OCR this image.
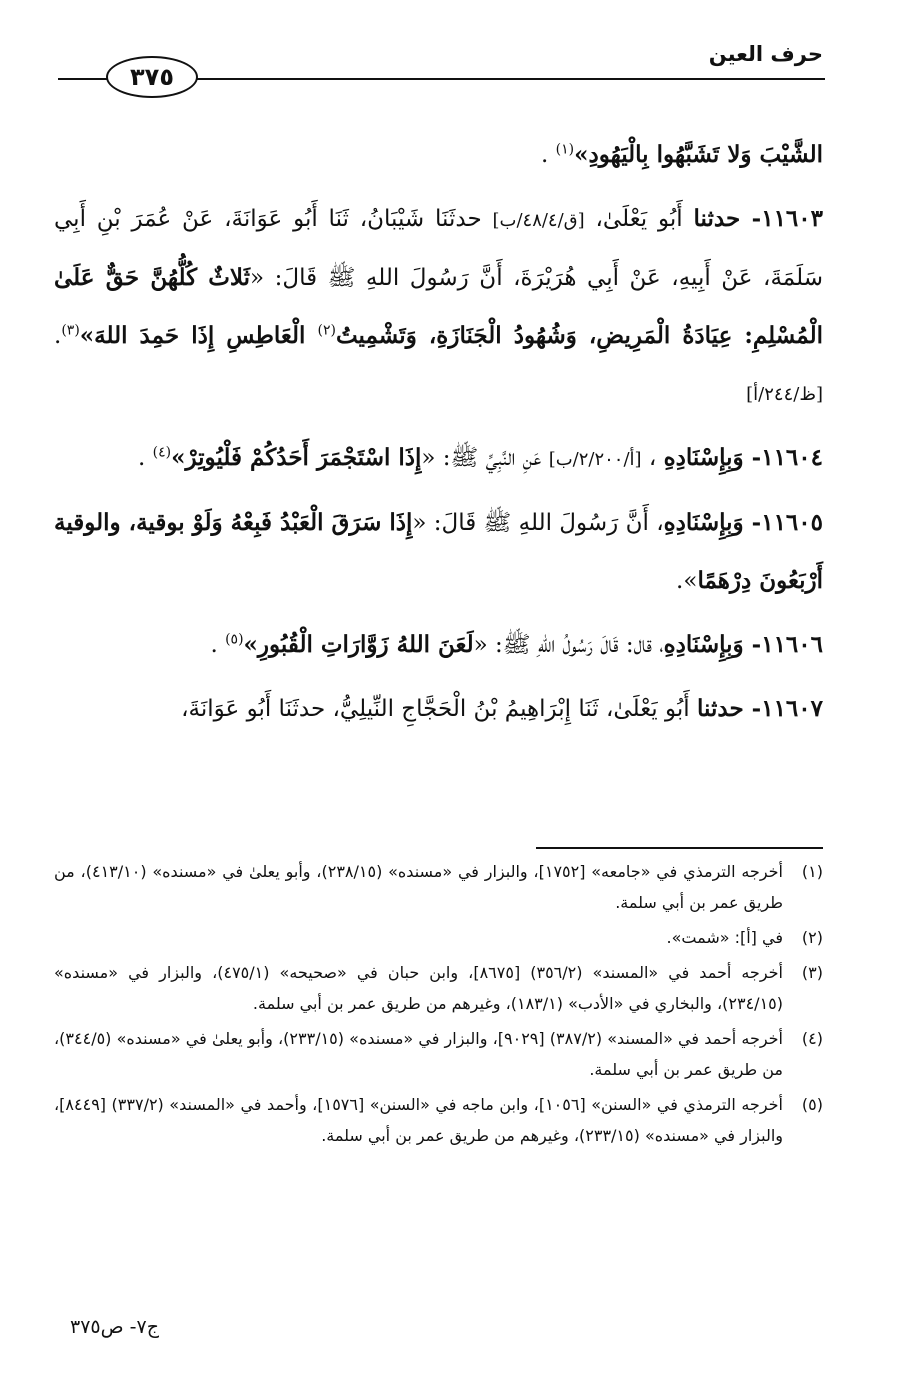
حرف العين
٣٧٥

الشَّيْبَ وَلا تَشَبَّهُوا بِالْيَهُودِ»$^{(١)}$ .

١١٦٠٣- حدثنا أَبُو يَعْلَىٰ، [ق/٤٨/٤/ب] حدثَنَا شَيْبَانُ، ثَنَا أَبُو عَوَانَةَ، عَنْ عُمَرَ بْنِ أَبِي سَلَمَةَ، عَنْ أَبِيهِ، عَنْ أَبِي هُرَيْرَةَ، أَنَّ رَسُولَ اللهِ ﷺ قَالَ: «ثَلاثٌ كُلُّهُنَّ حَقٌّ عَلَىٰ الْمُسْلِمِ: عِيَادَةُ الْمَرِيضِ، وَشُهُودُ الْجَنَازَةِ، وَتَشْمِيتُ$^{(٢)}$ الْعَاطِسِ إِذَا حَمِدَ اللهَ»$^{(٣)}$. [ظ/٢٤٤/أ]

١١٦٠٤- وَبِإِسْنَادِهِ ، [أ/٢/٢٠٠/ب] عَنِ النَّبِيِّ ﷺ: «إِذَا اسْتَجْمَرَ أَحَدُكُمْ فَلْيُوتِرْ»$^{(٤)}$ .

١١٦٠٥- وَبِإِسْنَادِهِ، أَنَّ رَسُولَ اللهِ ﷺ قَالَ: «إِذَا سَرَقَ الْعَبْدُ فَبِعْهُ وَلَوْ بوقية، والوقية أَرْبَعُونَ دِرْهَمًا».

١١٦٠٦- وَبِإِسْنَادِهِ، قال: قَالَ رَسُولُ اللهِ ﷺ: «لَعَنَ اللهُ زَوَّارَاتِ الْقُبُورِ»$^{(٥)}$ .

١١٦٠٧- حدثنا أَبُو يَعْلَىٰ، ثَنَا إِبْرَاهِيمُ بْنُ الْحَجَّاجِ النِّيلِيُّ، حدثَنَا أَبُو عَوَانَةَ،

(١)
أخرجه الترمذي في «جامعه» [١٧٥٢]، والبزار في «مسنده» (٢٣٨/١٥)، وأبو يعلىٰ في «مسنده» (٤١٣/١٠)، من طريق عمر بن أبي سلمة.
(٢)
في [أ]: «شمت».
(٣)
أخرجه أحمد في «المسند» (٣٥٦/٢) [٨٦٧٥]، وابن حبان في «صحيحه» (٤٧٥/١)، والبزار في «مسنده» (٢٣٤/١٥)، والبخاري في «الأدب» (١٨٣/١)، وغيرهم من طريق عمر بن أبي سلمة.
(٤)
أخرجه أحمد في «المسند» (٣٨٧/٢) [٩٠٢٩]، والبزار في «مسنده» (٢٣٣/١٥)، وأبو يعلىٰ في «مسنده» (٣٤٤/٥)، من طريق عمر بن أبي سلمة.
(٥)
أخرجه الترمذي في «السنن» [١٠٥٦]، وابن ماجه في «السنن» [١٥٧٦]، وأحمد في «المسند» (٣٣٧/٢) [٨٤٤٩]، والبزار في «مسنده» (٢٣٣/١٥)، وغيرهم من طريق عمر بن أبي سلمة.
ج٧- ص٣٧٥
